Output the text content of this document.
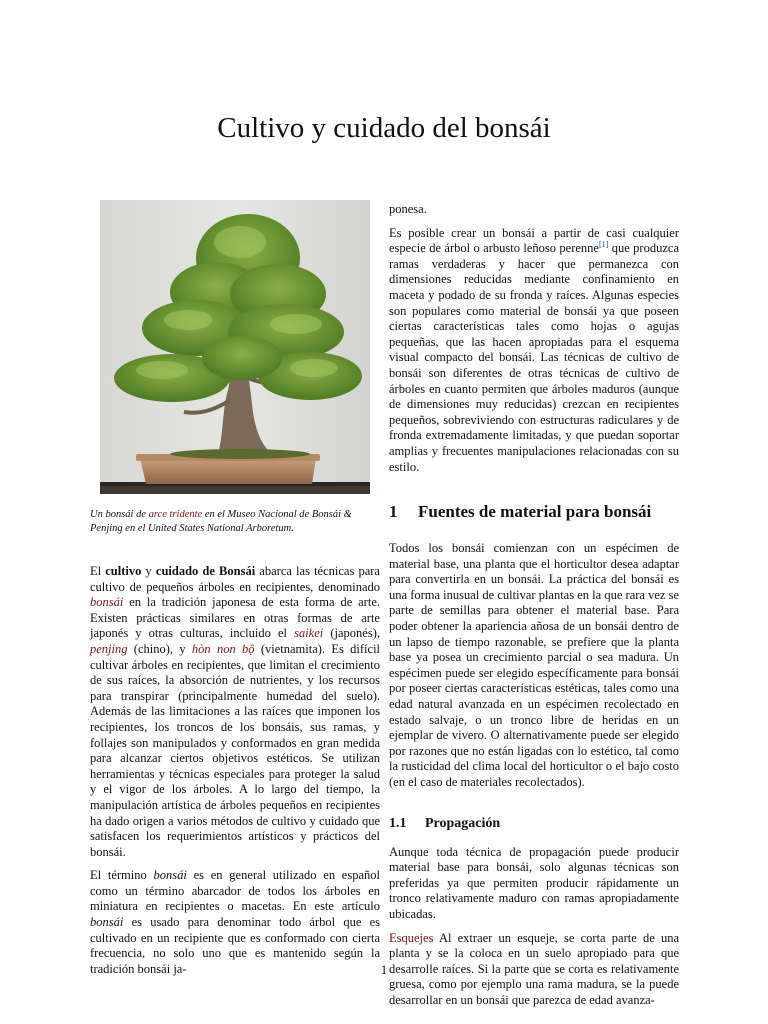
Cultivo y cuidado del bonsái
Un bonsái de arce tridente en el Museo Nacional de Bonsái & Penjing en el United States National Arboretum.

El cultivo y cuidado de Bonsái abarca las técnicas para cultivo de pequeños árboles en recipientes, denominado bonsái en la tradición japonesa de esta forma de arte. Existen prácticas similares en otras formas de arte japonés y otras culturas, incluido el saikei (japonés), penjing (chino), y hòn non bộ (vietnamita). Es difícil cultivar árboles en recipientes, que limitan el crecimiento de sus raíces, la absorción de nutrientes, y los recursos para transpirar (principalmente humedad del suelo). Además de las limitaciones a las raíces que imponen los recipientes, los troncos de los bonsáis, sus ramas, y follajes son manipulados y conformados en gran medida para alcanzar ciertos objetivos estéticos. Se utilizan herramientas y técnicas especiales para proteger la salud y el vigor de los árboles. A lo largo del tiempo, la manipulación artística de árboles pequeños en recipientes ha dado origen a varios métodos de cultivo y cuidado que satisfacen los requerimientos artísticos y prácticos del bonsái.

El término bonsái es en general utilizado en español como un término abarcador de todos los árboles en miniatura en recipientes o macetas. En este artículo bonsái es usado para denominar todo árbol que es cultivado en un recipiente que es conformado con cierta frecuencia, no solo uno que es mantenido según la tradición bonsái ja-

ponesa.

Es posible crear un bonsái a partir de casi cualquier especie de árbol o arbusto leñoso perenne[1] que produzca ramas verdaderas y hacer que permanezca con dimensiones reducidas mediante confinamiento en maceta y podado de su fronda y raíces. Algunas especies son populares como material de bonsái ya que poseen ciertas características tales como hojas o agujas pequeñas, que las hacen apropiadas para el esquema visual compacto del bonsái. Las técnicas de cultivo de bonsái son diferentes de otras técnicas de cultivo de árboles en cuanto permiten que árboles maduros (aunque de dimensiones muy reducidas) crezcan en recipientes pequeños, sobreviviendo con estructuras radiculares y de fronda extremadamente limitadas, y que puedan soportar amplias y frecuentes manipulaciones relacionadas con su estilo.

1 Fuentes de material para bonsái

Todos los bonsái comienzan con un espécimen de material base, una planta que el horticultor desea adaptar para convertirla en un bonsái. La práctica del bonsái es una forma inusual de cultivar plantas en la que rara vez se parte de semillas para obtener el material base. Para poder obtener la apariencia añosa de un bonsái dentro de un lapso de tiempo razonable, se prefiere que la planta base ya posea un crecimiento parcial o sea madura. Un espécimen puede ser elegido específicamente para bonsái por poseer ciertas características estéticas, tales como una edad natural avanzada en un espécimen recolectado en estado salvaje, o un tronco libre de heridas en un ejemplar de vivero. O alternativamente puede ser elegido por razones que no están ligadas con lo estético, tal como la rusticidad del clima local del horticultor o el bajo costo (en el caso de materiales recolectados).

1.1 Propagación

Aunque toda técnica de propagación puede producir material base para bonsái, solo algunas técnicas son preferidas ya que permiten producir rápidamente un tronco relativamente maduro con ramas apropiadamente ubicadas.

Esquejes Al extraer un esqueje, se corta parte de una planta y se la coloca en un suelo apropiado para que desarrolle raíces. Si la parte que se corta es relativamente gruesa, como por ejemplo una rama madura, se la puede desarrollar en un bonsái que parezca de edad avanza-

1
